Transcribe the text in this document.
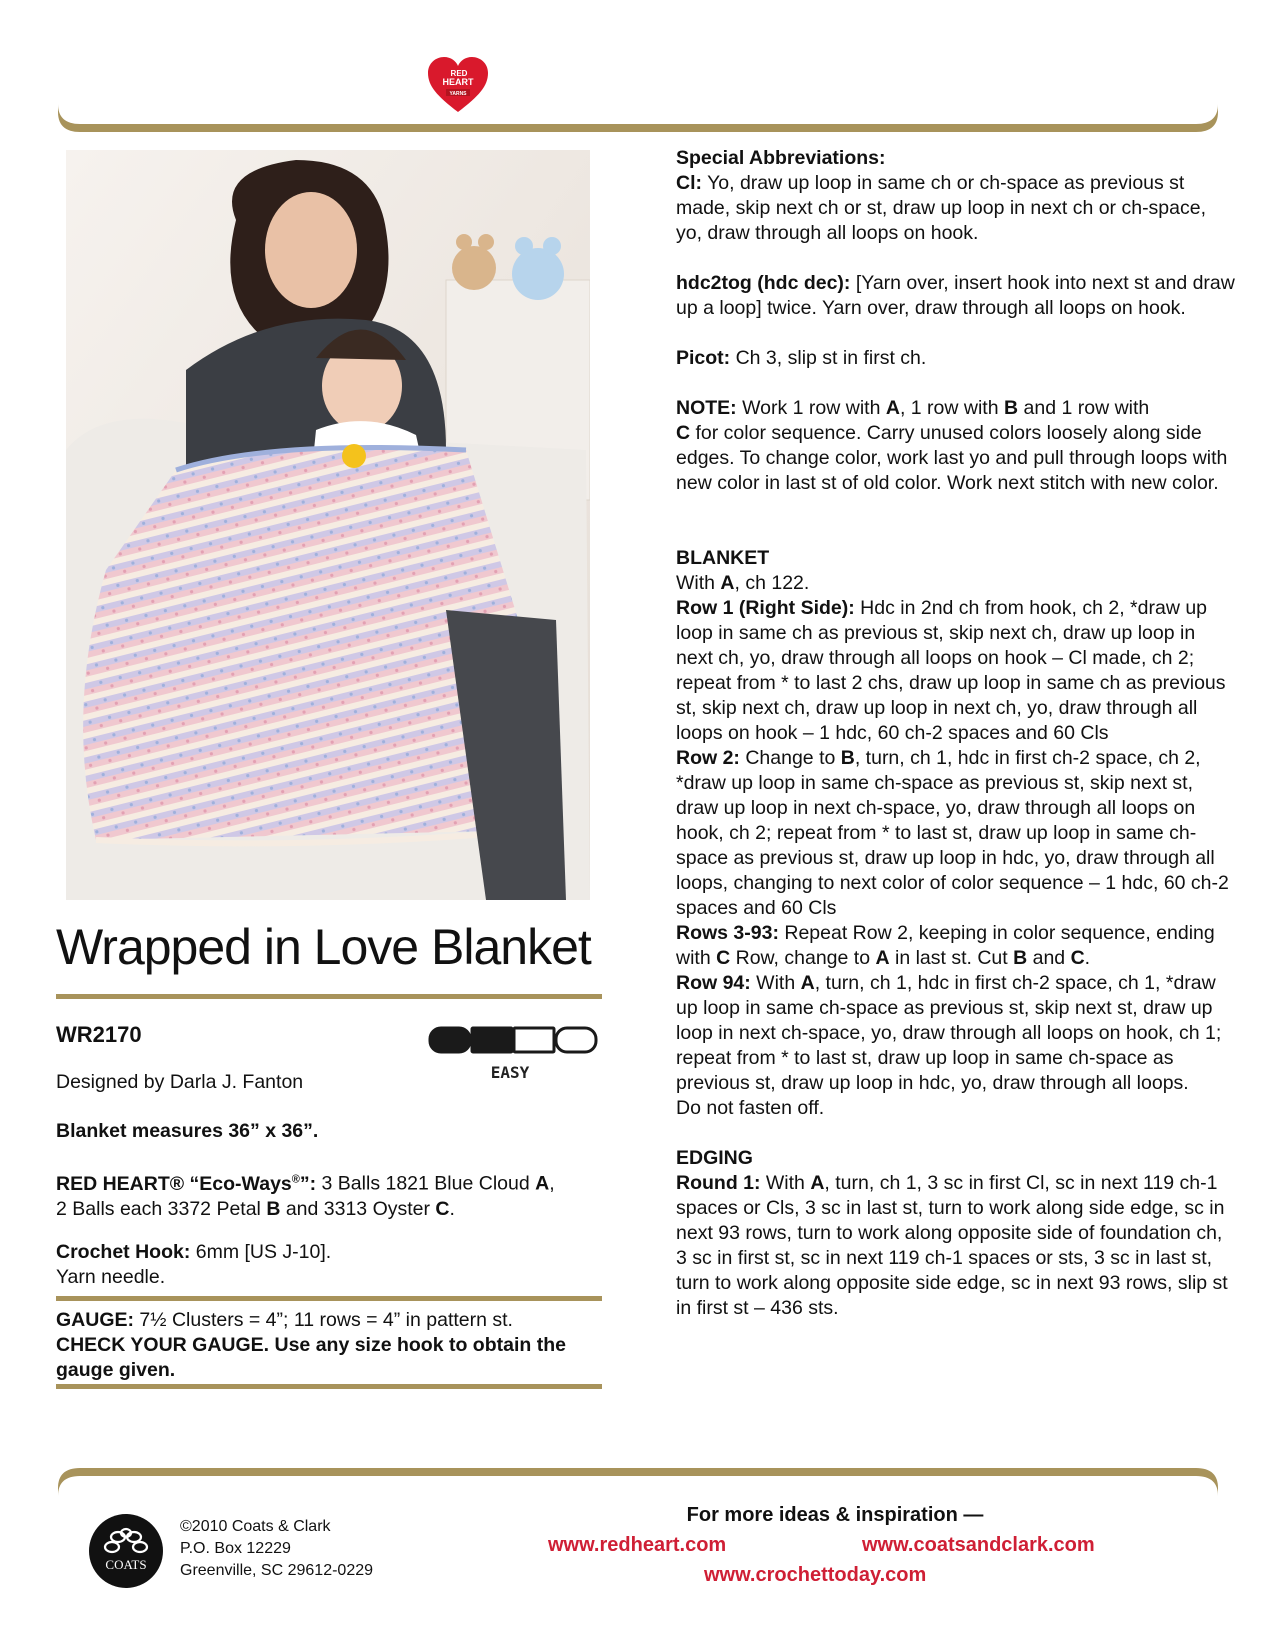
RED
HEART
YARNS
Wrapped in Love Blanket
WR2170
EASY

Designed by Darla J. Fanton

Blanket measures 36” x 36”.

RED HEART® “Eco-Ways®”: 3 Balls 1821 Blue Cloud A,
2 Balls each 3372 Petal B and 3313 Oyster C.

Crochet Hook: 6mm [US J-10].
Yarn needle.

GAUGE: 7½ Clusters = 4”; 11 rows = 4” in pattern st.

CHECK YOUR GAUGE. Use any size hook to obtain the gauge given.

Special Abbreviations:

Cl: Yo, draw up loop in same ch or ch-space as previous st made, skip next ch or st, draw up loop in next ch or ch-space, yo, draw through all loops on hook.

hdc2tog (hdc dec): [Yarn over, insert hook into next st and draw up a loop] twice. Yarn over, draw through all loops on hook.

Picot: Ch 3, slip st in first ch.

NOTE: Work 1 row with A, 1 row with B and 1 row with
C for color sequence. Carry unused colors loosely along side edges. To change color, work last yo and pull through loops with new color in last st of old color. Work next stitch with new color.

BLANKET

With A, ch 122.

Row 1 (Right Side): Hdc in 2nd ch from hook, ch 2, *draw up loop in same ch as previous st, skip next ch, draw up loop in next ch, yo, draw through all loops on hook – Cl made, ch 2; repeat from * to last 2 chs, draw up loop in same ch as previous st, skip next ch, draw up loop in next ch, yo, draw through all loops on hook – 1 hdc, 60 ch-2 spaces and 60 Cls

Row 2: Change to B, turn, ch 1, hdc in first ch-2 space, ch 2, *draw up loop in same ch-space as previous st, skip next st, draw up loop in next ch-space, yo, draw through all loops on hook, ch 2; repeat from * to last st, draw up loop in same ch-space as previous st, draw up loop in hdc, yo, draw through all loops, changing to next color of color sequence – 1 hdc, 60 ch-2 spaces and 60 Cls

Rows 3-93: Repeat Row 2, keeping in color sequence, ending with C Row, change to A in last st. Cut B and C.

Row 94: With A, turn, ch 1, hdc in first ch-2 space, ch 1, *draw up loop in same ch-space as previous st, skip next st, draw up loop in next ch-space, yo, draw through all loops on hook, ch 1; repeat from * to last st, draw up loop in same ch-space as previous st, draw up loop in hdc, yo, draw through all loops.

Do not fasten off.

EDGING

Round 1: With A, turn, ch 1, 3 sc in first Cl, sc in next 119 ch-1 spaces or Cls, 3 sc in last st, turn to work along side edge, sc in next 93 rows, turn to work along opposite side of foundation ch, 3 sc in first st, sc in next 119 ch-1 spaces or sts, 3 sc in last st, turn to work along opposite side edge, sc in next 93 rows, slip st in first st – 436 sts.

COATS
©2010 Coats & Clark
P.O. Box 12229
Greenville, SC 29612-0229
For more ideas & inspiration —
www.redheart.com	www.coatsandclark.com
www.crochettoday.com
